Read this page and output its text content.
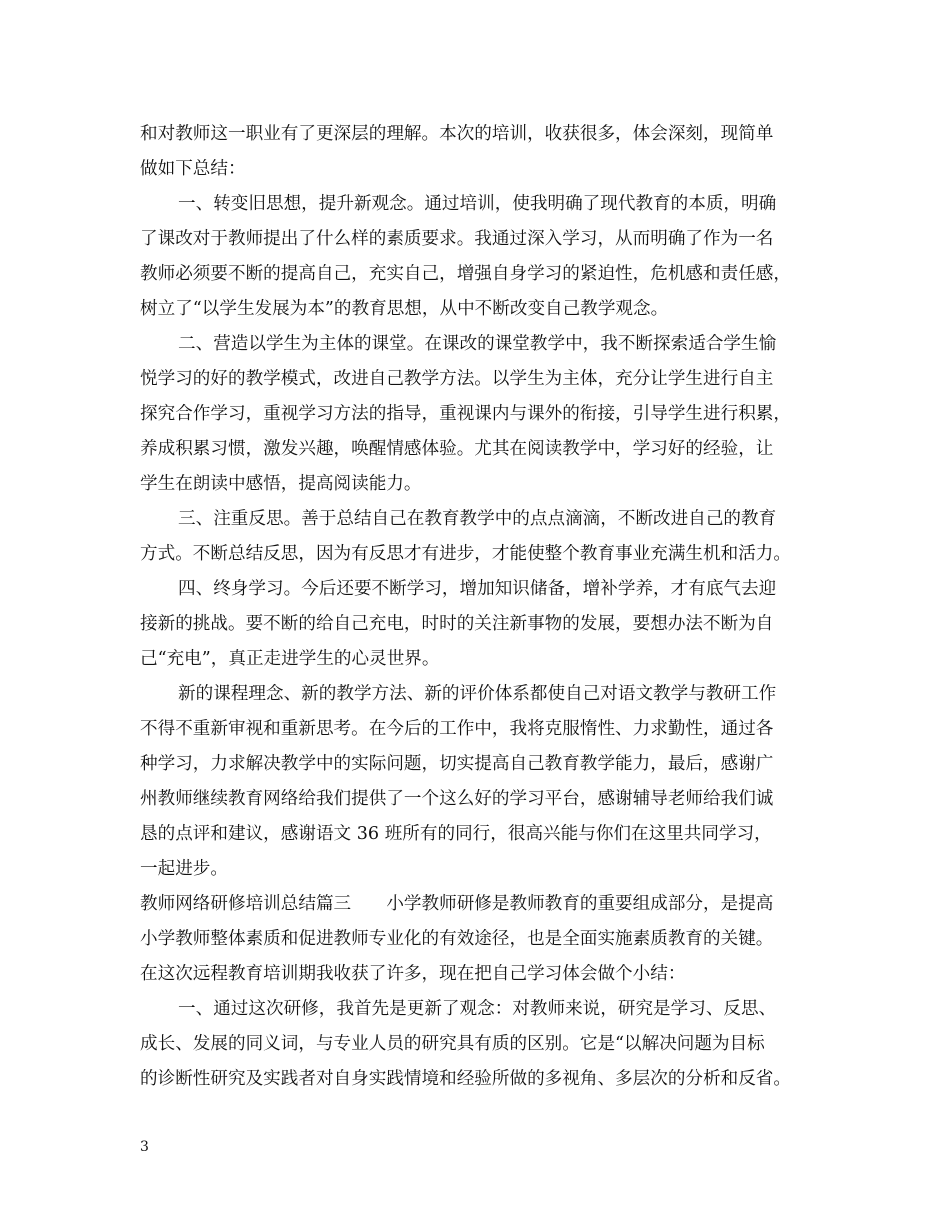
和对教师这一职业有了更深层的理解。本次的培训，收获很多，体会深刻，现简单
做如下总结：
一、转变旧思想，提升新观念。通过培训，使我明确了现代教育的本质，明确
了课改对于教师提出了什么样的素质要求。我通过深入学习，从而明确了作为一名
教师必须要不断的提高自己，充实自己，增强自身学习的紧迫性，危机感和责任感，
树立了“以学生发展为本”的教育思想，从中不断改变自己教学观念。
二、营造以学生为主体的课堂。在课改的课堂教学中，我不断探索适合学生愉
悦学习的好的教学模式，改进自己教学方法。以学生为主体，充分让学生进行自主
探究合作学习，重视学习方法的指导，重视课内与课外的衔接，引导学生进行积累，
养成积累习惯，激发兴趣，唤醒情感体验。尤其在阅读教学中，学习好的经验，让
学生在朗读中感悟，提高阅读能力。
三、注重反思。善于总结自己在教育教学中的点点滴滴，不断改进自己的教育
方式。不断总结反思，因为有反思才有进步，才能使整个教育事业充满生机和活力。
四、终身学习。今后还要不断学习，增加知识储备，增补学养，才有底气去迎
接新的挑战。要不断的给自己充电，时时的关注新事物的发展，要想办法不断为自
己“充电”，真正走进学生的心灵世界。
新的课程理念、新的教学方法、新的评价体系都使自己对语文教学与教研工作
不得不重新审视和重新思考。在今后的工作中，我将克服惰性、力求勤性，通过各
种学习，力求解决教学中的实际问题，切实提高自己教育教学能力，最后，感谢广
州教师继续教育网络给我们提供了一个这么好的学习平台，感谢辅导老师给我们诚
恳的点评和建议，感谢语文 36 班所有的同行，很高兴能与你们在这里共同学习，
一起进步。
教师网络研修培训总结篇三　　小学教师研修是教师教育的重要组成部分，是提高
小学教师整体素质和促进教师专业化的有效途径，也是全面实施素质教育的关键。
在这次远程教育培训期我收获了许多，现在把自己学习体会做个小结：
一、通过这次研修，我首先是更新了观念：对教师来说，研究是学习、反思、
成长、发展的同义词，与专业人员的研究具有质的区别。它是“以解决问题为目标
的诊断性研究及实践者对自身实践情境和经验所做的多视角、多层次的分析和反省。
3
